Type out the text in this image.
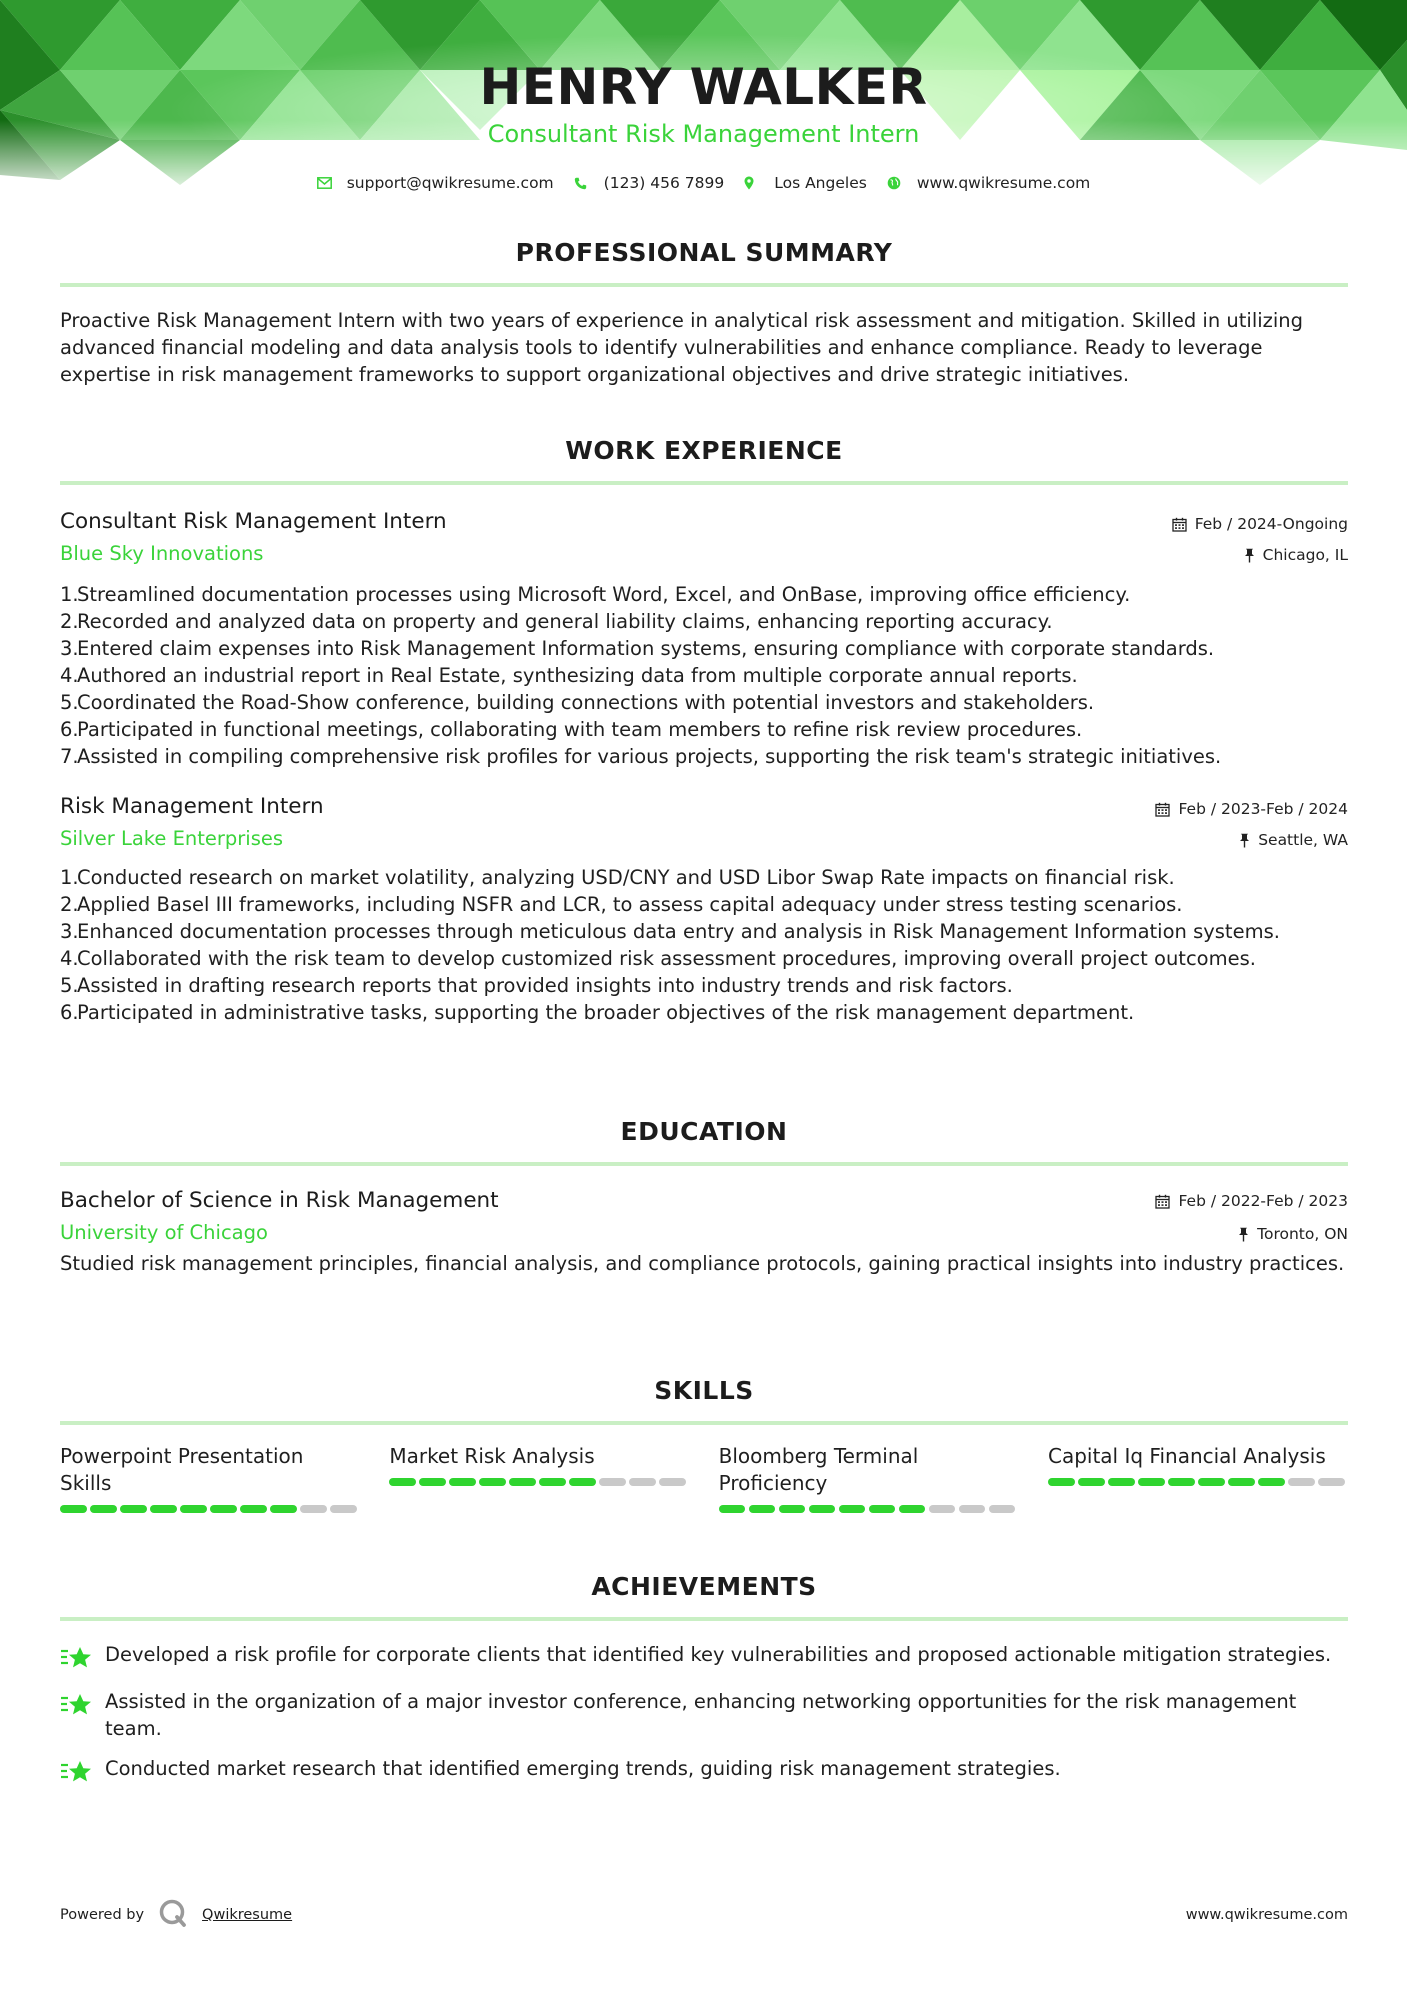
HENRY WALKER
Consultant Risk Management Intern
support@qwikresume.com	(123) 456 7899	Los Angeles	www.qwikresume.com
PROFESSIONAL SUMMARY
Proactive Risk Management Intern with two years of experience in analytical risk assessment and mitigation. Skilled in utilizing advanced financial modeling and data analysis tools to identify vulnerabilities and enhance compliance. Ready to leverage expertise in risk management frameworks to support organizational objectives and drive strategic initiatives.
WORK EXPERIENCE
Consultant Risk Management Intern	Feb / 2024-Ongoing
Blue Sky Innovations	Chicago, IL
1.
Streamlined documentation processes using Microsoft Word, Excel, and OnBase, improving office efficiency.
2.
Recorded and analyzed data on property and general liability claims, enhancing reporting accuracy.
3.
Entered claim expenses into Risk Management Information systems, ensuring compliance with corporate standards.
4.
Authored an industrial report in Real Estate, synthesizing data from multiple corporate annual reports.
5.
Coordinated the Road-Show conference, building connections with potential investors and stakeholders.
6.
Participated in functional meetings, collaborating with team members to refine risk review procedures.
7.
Assisted in compiling comprehensive risk profiles for various projects, supporting the risk team's strategic initiatives.
Risk Management Intern	Feb / 2023-Feb / 2024
Silver Lake Enterprises	Seattle, WA
1.
Conducted research on market volatility, analyzing USD/CNY and USD Libor Swap Rate impacts on financial risk.
2.
Applied Basel III frameworks, including NSFR and LCR, to assess capital adequacy under stress testing scenarios.
3.
Enhanced documentation processes through meticulous data entry and analysis in Risk Management Information systems.
4.
Collaborated with the risk team to develop customized risk assessment procedures, improving overall project outcomes.
5.
Assisted in drafting research reports that provided insights into industry trends and risk factors.
6.
Participated in administrative tasks, supporting the broader objectives of the risk management department.
EDUCATION
Bachelor of Science in Risk Management	Feb / 2022-Feb / 2023
University of Chicago	Toronto, ON
Studied risk management principles, financial analysis, and compliance protocols, gaining practical insights into industry practices.
SKILLS
Powerpoint Presentation Skills
Market Risk Analysis	Bloomberg Terminal Proficiency
Capital Iq Financial Analysis
ACHIEVEMENTS
Developed a risk profile for corporate clients that identified key vulnerabilities and proposed actionable mitigation strategies.
Assisted in the organization of a major investor conference, enhancing networking opportunities for the risk management team.
Conducted market research that identified emerging trends, guiding risk management strategies.
Powered by	Qwikresume	www.qwikresume.com
